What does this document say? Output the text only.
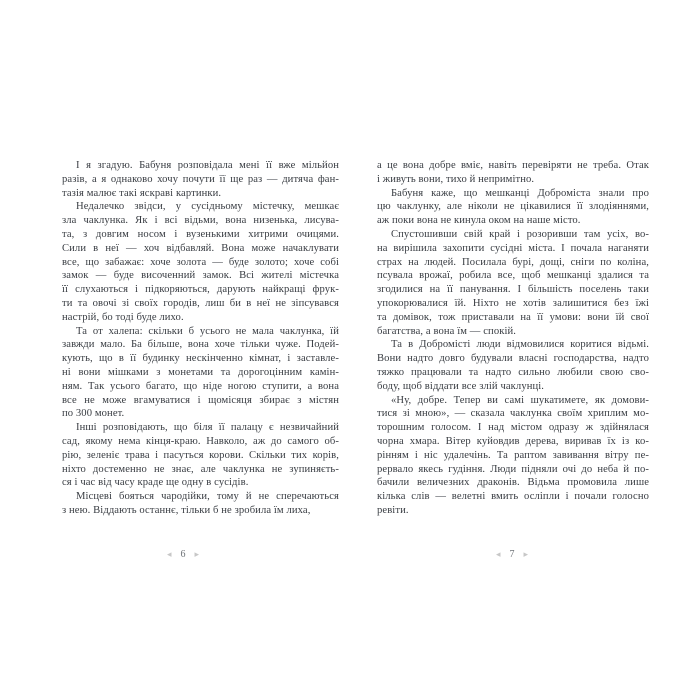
І я згадую. Бабуня розповідала мені її вже мільйон
разів, а я однаково хочу почути її ще раз — дитяча фан-
тазія малює такі яскраві картинки.
Недалечко звідси, у сусідньому містечку, мешкає
зла чаклунка. Як і всі відьми, вона низенька, лисува-
та, з довгим носом і вузенькими хитрими очицями.
Сили в неї — хоч відбавляй. Вона може начаклувати
все, що забажає: хоче золота — буде золото; хоче собі
замок — буде височенний замок. Всі жителі містечка
її слухаються і підкоряються, дарують найкращі фрук-
ти та овочі зі своїх городів, лиш би в неї не зіпсувався
настрій, бо тоді буде лихо.
Та от халепа: скільки б усього не мала чаклунка, їй
завжди мало. Ба більше, вона хоче тільки чуже. Подей-
кують, що в її будинку нескінченно кімнат, і заставле-
ні вони мішками з монетами та дорогоцінним камін-
ням. Так усього багато, що ніде ногою ступити, а вона
все не може вгамуватися і щомісяця збирає з містян
по 300 монет.
Інші розповідають, що біля її палацу є незвичайний
сад, якому нема кінця-краю. Навколо, аж до самого об-
рію, зеленіє трава і пасуться корови. Скільки тих корів,
ніхто достеменно не знає, але чаклунка не зупиняєть-
ся і час від часу краде ще одну в сусідів.
Місцеві бояться чародійки, тому й не сперечаються
з нею. Віддають останнє, тільки б не зробила їм лиха,
а це вона добре вміє, навіть перевіряти не треба. Отак
і живуть вони, тихо й непримітно.
Бабуня каже, що мешканці Доброміста знали про
цю чаклунку, але ніколи не цікавилися її злодіяннями,
аж поки вона не кинула оком на наше місто.
Спустошивши свій край і розоривши там усіх, во-
на вирішила захопити сусідні міста. І почала наганяти
страх на людей. Посилала бурі, дощі, сніги по коліна,
псувала врожаї, робила все, щоб мешканці здалися та
згодилися на її панування. І більшість поселень таки
упокорювалися їй. Ніхто не хотів залишитися без їжі
та домівок, тож приставали на її умови: вони їй свої
багатства, а вона їм — спокій.
Та в Добромісті люди відмовилися коритися відьмі.
Вони надто довго будували власні господарства, надто
тяжко працювали та надто сильно любили свою сво-
боду, щоб віддати все злій чаклунці.
«Ну, добре. Тепер ви самі шукатимете, як домови-
тися зі мною», — сказала чаклунка своїм хриплим мо-
торошним голосом. І над містом одразу ж здійнялася
чорна хмара. Вітер куйовдив дерева, виривав їх із ко-
рінням і ніс удалечінь. Та раптом завивання вітру пе-
рервало якесь гудіння. Люди підняли очі до неба й по-
бачили величезних драконів. Відьма промовила лише
кілька слів — велетні вмить осліпли і почали голосно
ревіти.
◂ 6 ▸	◂ 7 ▸
